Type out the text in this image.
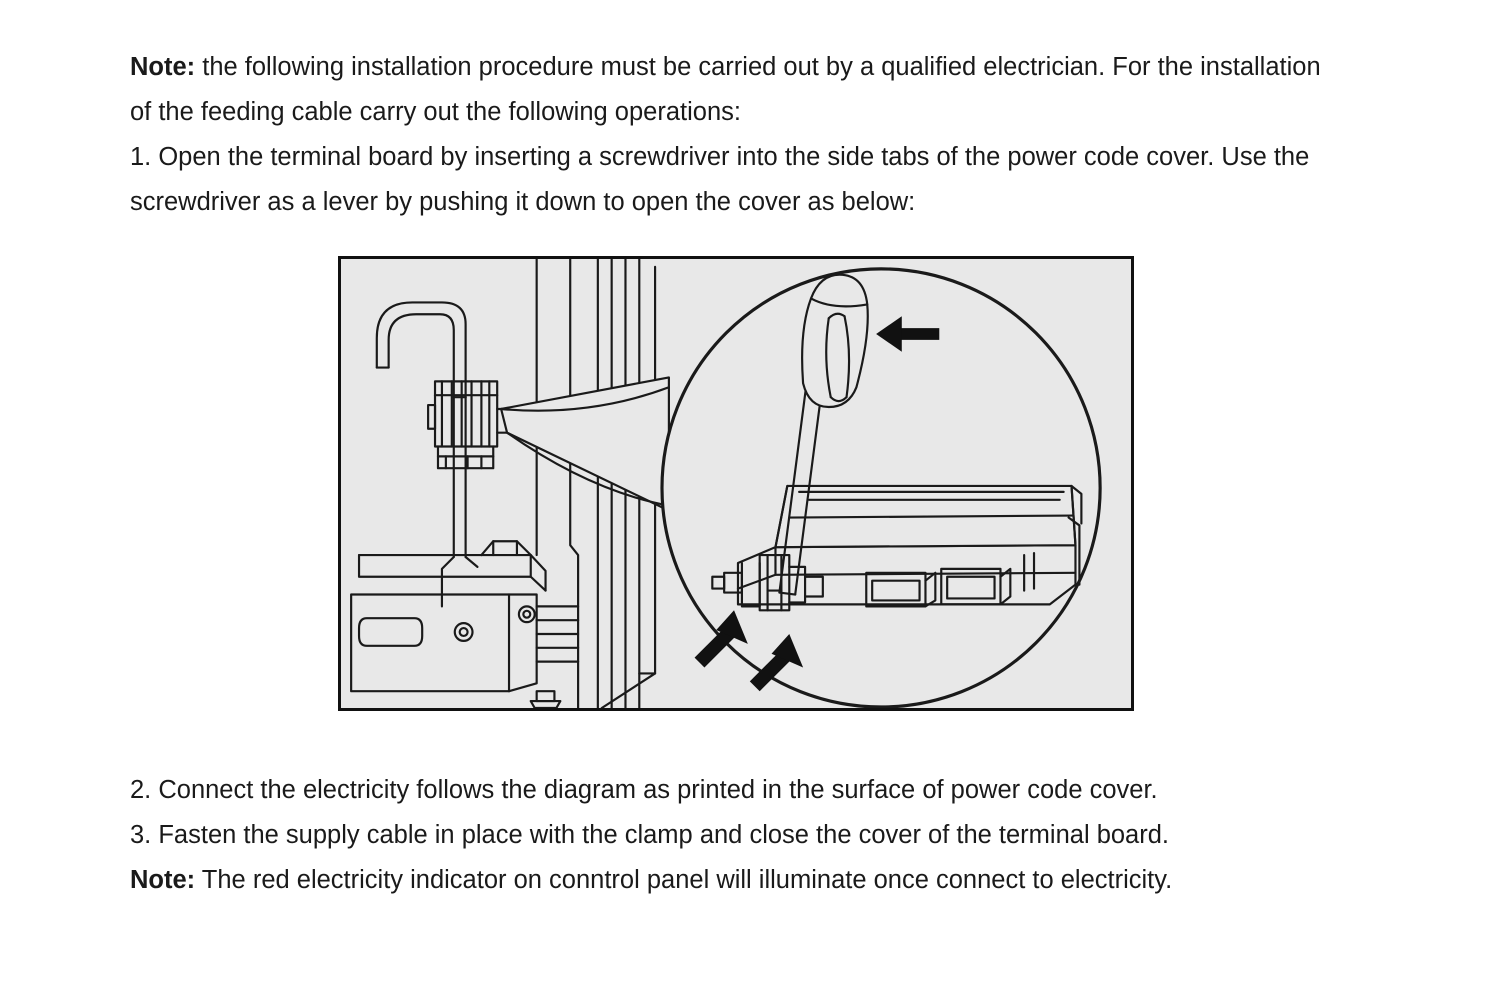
Note: the following installation procedure must be carried out by a qualified electrician. For the installation of the feeding cable carry out the following operations:

1. Open the terminal board by inserting a screwdriver into the side tabs of the power code cover. Use the screwdriver as a lever by pushing it down to open the cover as below:

2. Connect the electricity follows the diagram as printed in the surface of power code cover.

3. Fasten the supply cable in place with the clamp and close the cover of the terminal board.

Note: The red electricity indicator on conntrol panel will illuminate once connect to electricity.
